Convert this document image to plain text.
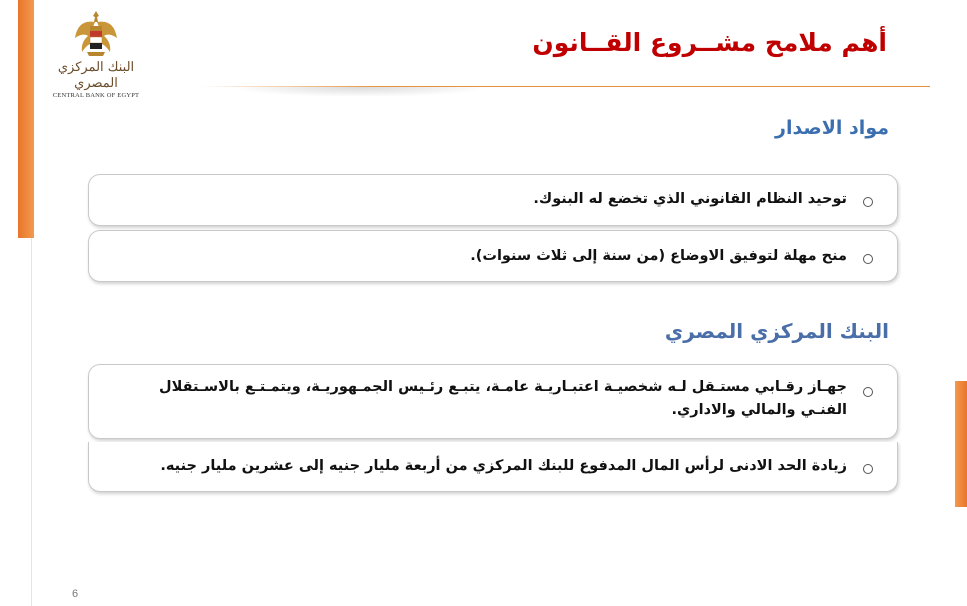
البنك المركزي المصري
CENTRAL BANK OF EGYPT
أهم ملامح مشــروع القــانون
مواد الاصدار
توحيد النظام القانوني الذي تخضع له البنوك.
منح مهلة لتوفيق الاوضاع (من سنة إلى ثلاث سنوات).
البنك المركزي المصري
جهـاز رقـابي مستـقل لـه شخصيـة اعتبـاريـة عامـة، يتبـع رئـيس الجمـهوريـة، ويتمـتـع بالاسـتقلال الفنـي والمالي والاداري.
زيادة الحد الادنى لرأس المال المدفوع للبنك المركزي من أربعة مليار جنيه إلى عشرين مليار جنيه.
6
